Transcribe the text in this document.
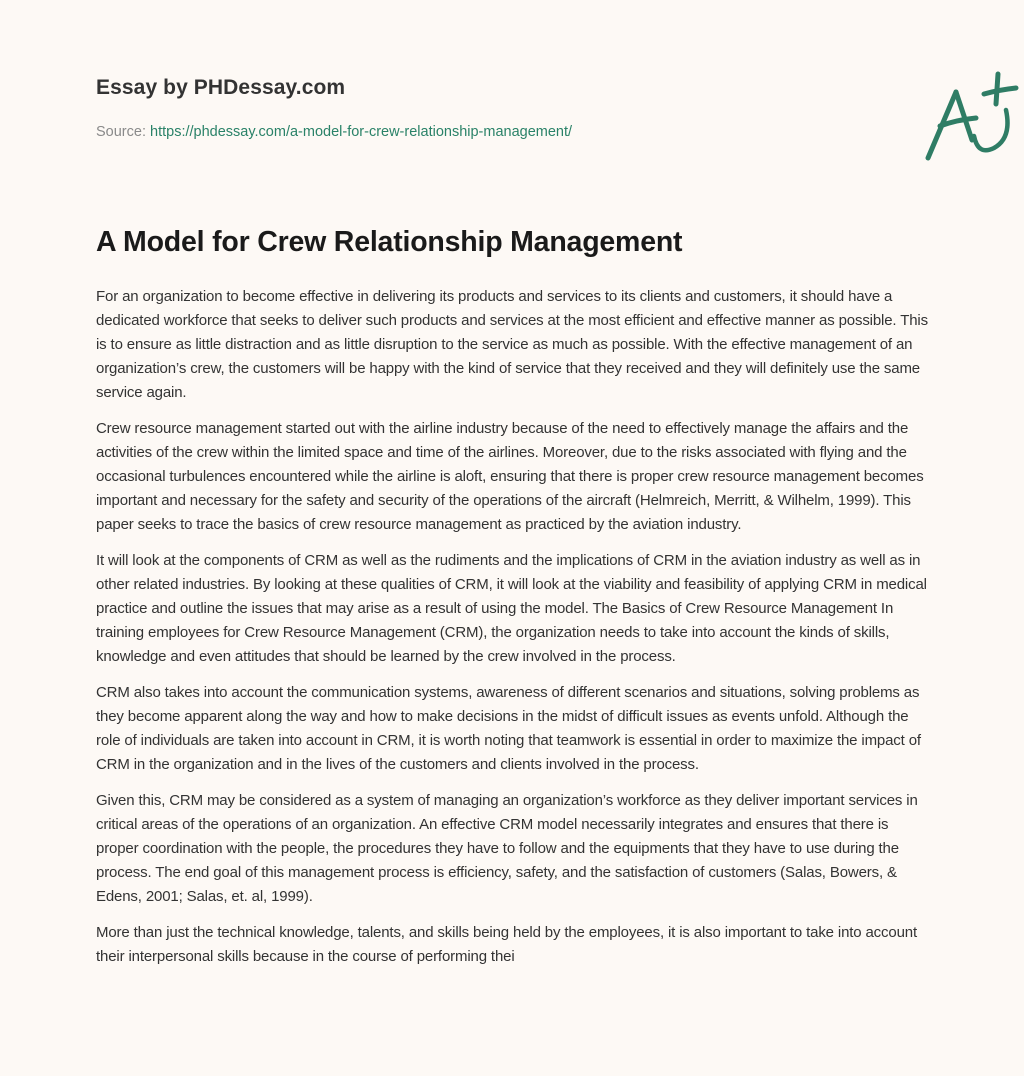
Essay by PHDessay.com
Source: https://phdessay.com/a-model-for-crew-relationship-management/
A Model for Crew Relationship Management

For an organization to become effective in delivering its products and services to its clients and customers, it should have a dedicated workforce that seeks to deliver such products and services at the most efficient and effective manner as possible. This is to ensure as little distraction and as little disruption to the service as much as possible. With the effective management of an organization’s crew, the customers will be happy with the kind of service that they received and they will definitely use the same service again.

Crew resource management started out with the airline industry because of the need to effectively manage the affairs and the activities of the crew within the limited space and time of the airlines. Moreover, due to the risks associated with flying and the occasional turbulences encountered while the airline is aloft, ensuring that there is proper crew resource management becomes important and necessary for the safety and security of the operations of the aircraft (Helmreich, Merritt, & Wilhelm, 1999). This paper seeks to trace the basics of crew resource management as practiced by the aviation industry.

It will look at the components of CRM as well as the rudiments and the implications of CRM in the aviation industry as well as in other related industries. By looking at these qualities of CRM, it will look at the viability and feasibility of applying CRM in medical practice and outline the issues that may arise as a result of using the model. The Basics of Crew Resource Management In training employees for Crew Resource Management (CRM), the organization needs to take into account the kinds of skills, knowledge and even attitudes that should be learned by the crew involved in the process.

CRM also takes into account the communication systems, awareness of different scenarios and situations, solving problems as they become apparent along the way and how to make decisions in the midst of difficult issues as events unfold. Although the role of individuals are taken into account in CRM, it is worth noting that teamwork is essential in order to maximize the impact of CRM in the organization and in the lives of the customers and clients involved in the process.

Given this, CRM may be considered as a system of managing an organization’s workforce as they deliver important services in critical areas of the operations of an organization. An effective CRM model necessarily integrates and ensures that there is proper coordination with the people, the procedures they have to follow and the equipments that they have to use during the process. The end goal of this management process is efficiency, safety, and the satisfaction of customers (Salas, Bowers, & Edens, 2001; Salas, et. al, 1999).

More than just the technical knowledge, talents, and skills being held by the employees, it is also important to take into account their interpersonal skills because in the course of performing thei
